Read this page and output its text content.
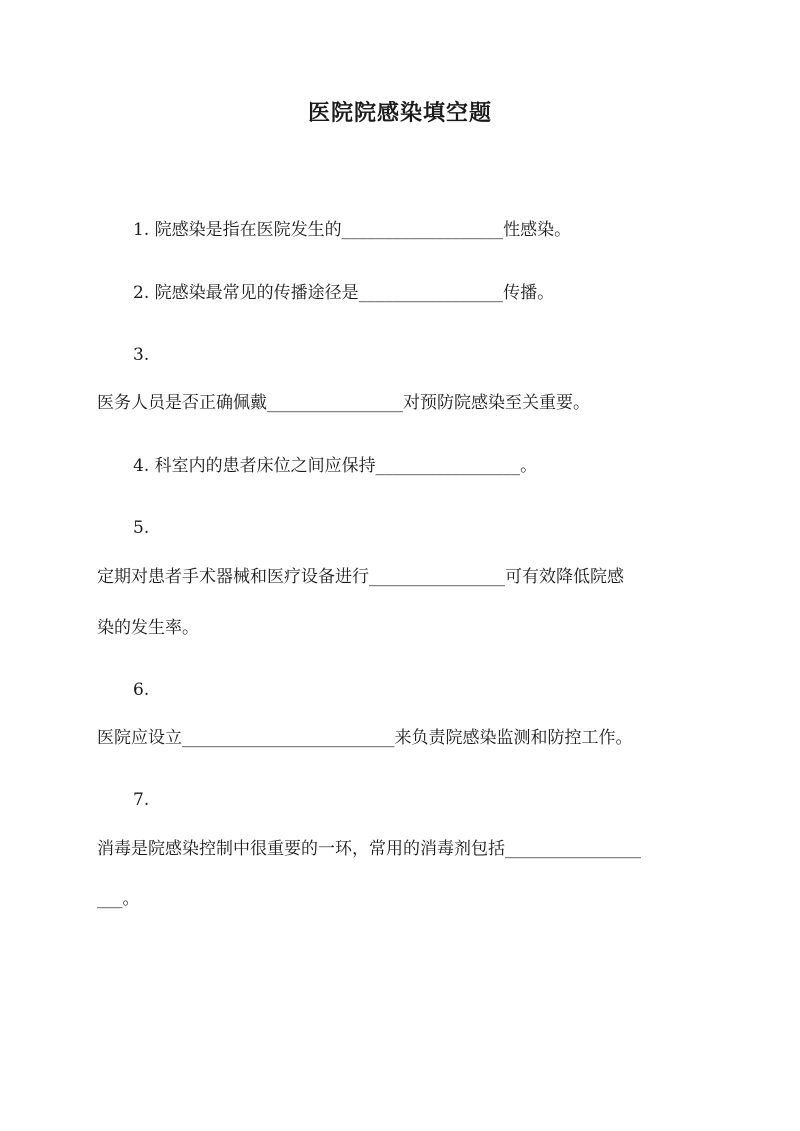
医院院感染填空题
1. 院感染是指在医院发生的___________________性感染。
2. 院感染最常见的传播途径是_________________传播。
3.
医务人员是否正确佩戴________________对预防院感染至关重要。
4. 科室内的患者床位之间应保持_________________。
5.
定期对患者手术器械和医疗设备进行________________可有效降低院感
染的发生率。
6.
医院应设立_________________________来负责院感染监测和防控工作。
7.
消毒是院感染控制中很重要的一环，常用的消毒剂包括________________
___。
